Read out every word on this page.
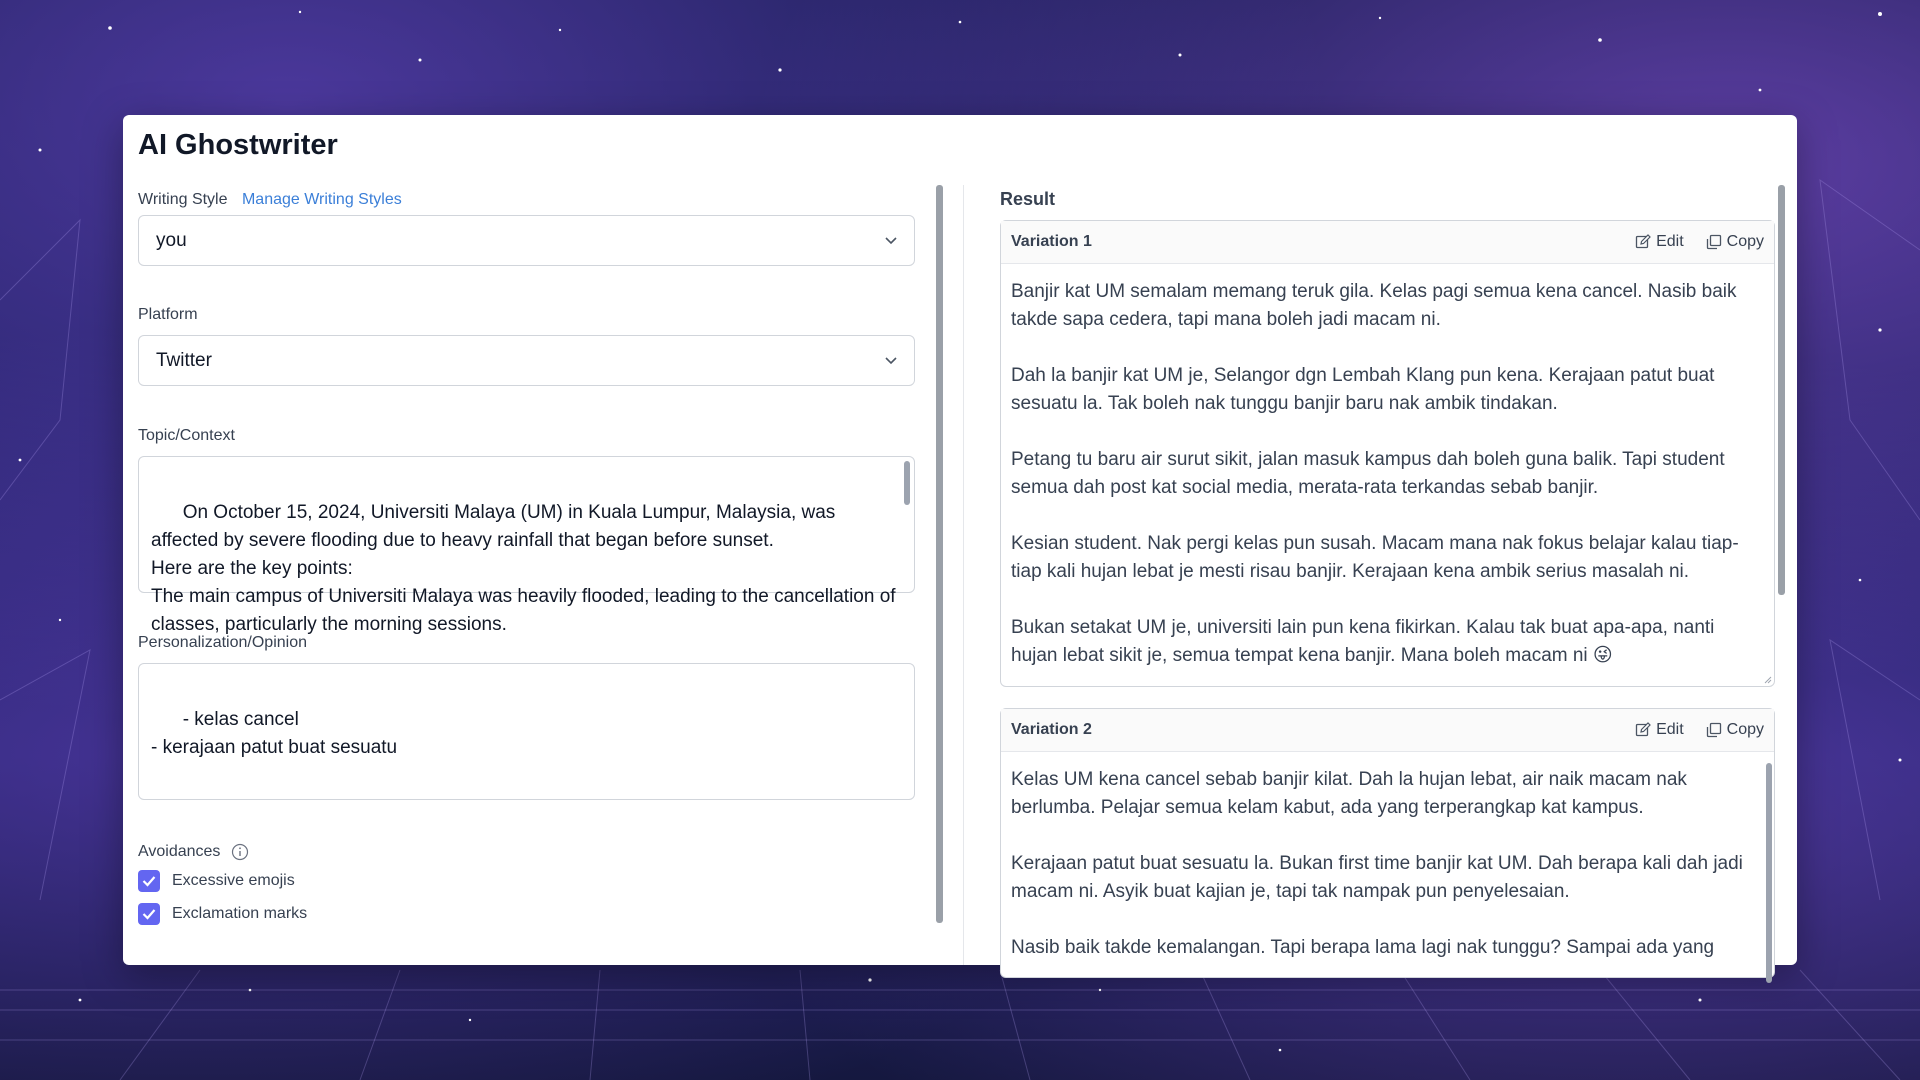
AI Ghostwriter
Writing Style Manage Writing Styles
you
Platform
Twitter
Topic/Context

On October 15, 2024, Universiti Malaya (UM) in Kuala Lumpur, Malaysia, was affected by severe flooding due to heavy rainfall that began before sunset.
Here are the key points:
The main campus of Universiti Malaya was heavily flooded, leading to the cancellation of classes, particularly the morning sessions.

Personalization/Opinion

- kelas cancel
- kerajaan patut buat sesuatu

Avoidances
Excessive emojis
Exclamation marks
Result
Variation 1	Edit	Copy
Banjir kat UM semalam memang teruk gila. Kelas pagi semua kena cancel. Nasib baik takde sapa cedera, tapi mana boleh jadi macam ni.

Dah la banjir kat UM je, Selangor dgn Lembah Klang pun kena. Kerajaan patut buat sesuatu la. Tak boleh nak tunggu banjir baru nak ambik tindakan.

Petang tu baru air surut sikit, jalan masuk kampus dah boleh guna balik. Tapi student semua dah post kat social media, merata-rata terkandas sebab banjir.

Kesian student. Nak pergi kelas pun susah. Macam mana nak fokus belajar kalau tiap-tiap kali hujan lebat je mesti risau banjir. Kerajaan kena ambik serius masalah ni.

Bukan setakat UM je, universiti lain pun kena fikirkan. Kalau tak buat apa-apa, nanti hujan lebat sikit je, semua tempat kena banjir. Mana boleh macam ni 😜
Variation 2	Edit	Copy
Kelas UM kena cancel sebab banjir kilat. Dah la hujan lebat, air naik macam nak berlumba. Pelajar semua kelam kabut, ada yang terperangkap kat kampus.

Kerajaan patut buat sesuatu la. Bukan first time banjir kat UM. Dah berapa kali dah jadi macam ni. Asyik buat kajian je, tapi tak nampak pun penyelesaian.

Nasib baik takde kemalangan. Tapi berapa lama lagi nak tunggu? Sampai ada yang
